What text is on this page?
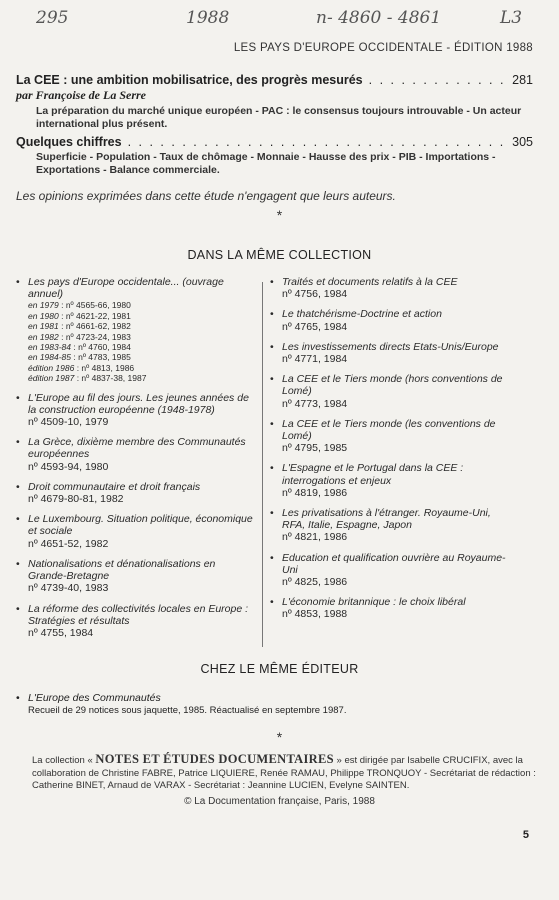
295	1988	n- 4860 - 4861	L3
LES PAYS D'EUROPE OCCIDENTALE - ÉDITION 1988
La CEE : une ambition mobilisatrice, des progrès mesurés . . .	281
par Françoise de La Serre
La préparation du marché unique européen - PAC : le consensus toujours introuvable - Un acteur international plus présent.
Quelques chiffres . . .	305
Superficie - Population - Taux de chômage - Monnaie - Hausse des prix - PIB - Importations - Exportations - Balance commerciale.
Les opinions exprimées dans cette étude n'engagent que leurs auteurs.
*
DANS LA MÊME COLLECTION
• Les pays d'Europe occidentale... (ouvrage annuel)
en 1979 : nº 4565-66, 1980
en 1980 : nº 4621-22, 1981
en 1981 : nº 4661-62, 1982
en 1982 : nº 4723-24, 1983
en 1983-84 : nº 4760, 1984
en 1984-85 : nº 4783, 1985
édition 1986 : nº 4813, 1986
édition 1987 : nº 4837-38, 1987
• L'Europe au fil des jours. Les jeunes années de la construction européenne (1948-1978)
nº 4509-10, 1979
• La Grèce, dixième membre des Communautés européennes
nº 4593-94, 1980
• Droit communautaire et droit français
nº 4679-80-81, 1982
• Le Luxembourg. Situation politique, économique et sociale
nº 4651-52, 1982
• Nationalisations et dénationalisations en Grande-Bretagne
nº 4739-40, 1983
• La réforme des collectivités locales en Europe : Stratégies et résultats
nº 4755, 1984
• Traités et documents relatifs à la CEE
nº 4756, 1984
• Le thatchérisme-Doctrine et action
nº 4765, 1984
• Les investissements directs Etats-Unis/Europe
nº 4771, 1984
• La CEE et le Tiers monde (hors conventions de Lomé)
nº 4773, 1984
• La CEE et le Tiers monde (les conventions de Lomé)
nº 4795, 1985
• L'Espagne et le Portugal dans la CEE : interrogations et enjeux
nº 4819, 1986
• Les privatisations à l'étranger. Royaume-Uni, RFA, Italie, Espagne, Japon
nº 4821, 1986
• Education et qualification ouvrière au Royaume-Uni
nº 4825, 1986
• L'économie britannique : le choix libéral
nº 4853, 1988
CHEZ LE MÊME ÉDITEUR
• L'Europe des Communautés
Recueil de 29 notices sous jaquette, 1985. Réactualisé en septembre 1987.
*
La collection « NOTES ET ÉTUDES DOCUMENTAIRES » est dirigée par Isabelle CRUCIFIX, avec la collaboration de Christine FABRE, Patrice LIQUIERE, Renée RAMAU, Philippe TRONQUOY - Secrétariat de rédaction : Catherine BINET, Arnaud de VARAX - Secrétariat : Jeannine LUCIEN, Evelyne SAINTEN.
© La Documentation française, Paris, 1988
5
